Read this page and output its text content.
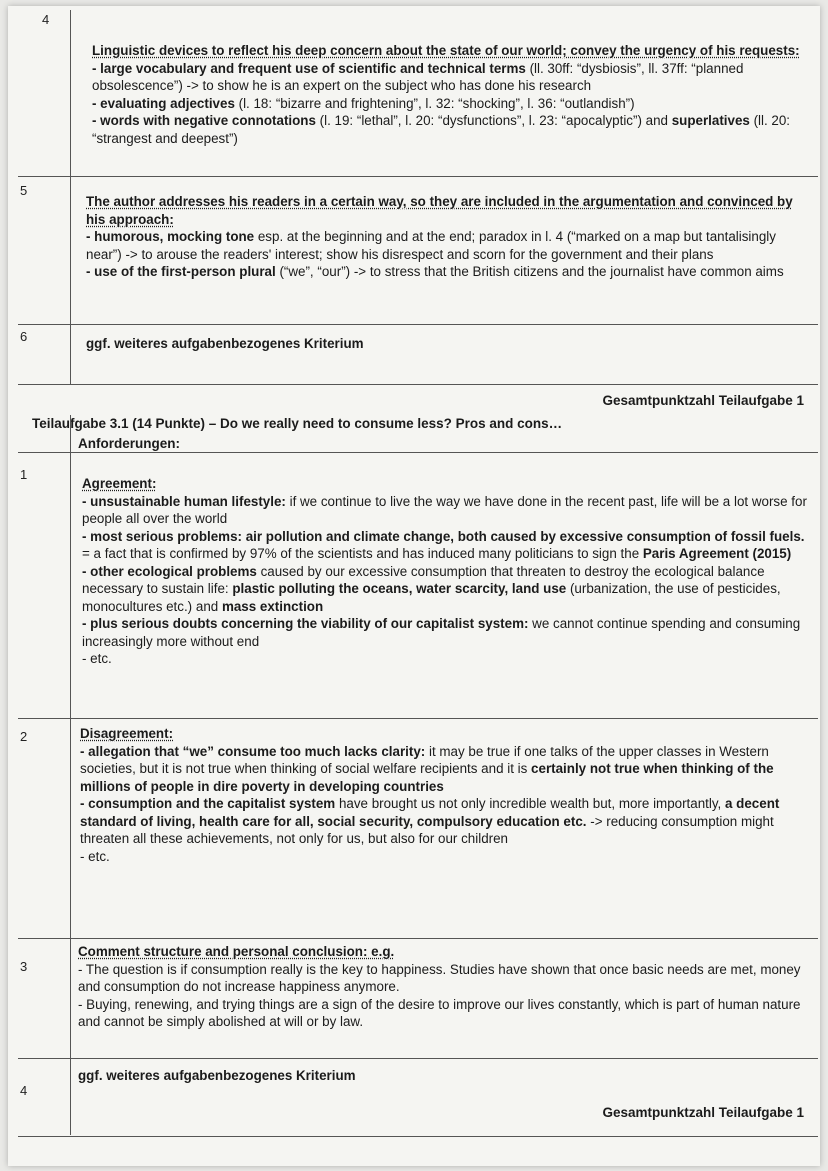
4

Linguistic devices to reflect his deep concern about the state of our world; convey the urgency of his requests:

- large vocabulary and frequent use of scientific and technical terms (ll. 30ff: “dysbiosis”, ll. 37ff: “planned obsolescence”) -> to show he is an expert on the subject who has done his research

- evaluating adjectives (l. 18: “bizarre and frightening”, l. 32: “shocking”, l. 36: “outlandish”)

- words with negative connotations (l. 19: “lethal”, l. 20: “dysfunctions”, l. 23: “apocalyptic”) and superlatives (ll. 20: “strangest and deepest”)

5

The author addresses his readers in a certain way, so they are included in the argumentation and convinced by his approach:

- humorous, mocking tone esp. at the beginning and at the end; paradox in l. 4 (“marked on a map but tantalisingly near”) -> to arouse the readers' interest; show his disrespect and scorn for the government and their plans

- use of the first-person plural (“we”, “our”) -> to stress that the British citizens and the journalist have common aims

6	ggf. weiteres aufgabenbezogenes Kriterium

Gesamtpunktzahl Teilaufgabe 1
Teilaufgabe 3.1 (14 Punkte) – Do we really need to consume less? Pros and cons…
Anforderungen:
1

Agreement:

- unsustainable human lifestyle: if we continue to live the way we have done in the recent past, life will be a lot worse for people all over the world

- most serious problems: air pollution and climate change, both caused by excessive consumption of fossil fuels. = a fact that is confirmed by 97% of the scientists and has induced many politicians to sign the Paris Agreement (2015)

- other ecological problems caused by our excessive consumption that threaten to destroy the ecological balance necessary to sustain life: plastic polluting the oceans, water scarcity, land use (urbanization, the use of pesticides, monocultures etc.) and mass extinction

- plus serious doubts concerning the viability of our capitalist system: we cannot continue spending and consuming increasingly more without end

- etc.

2	Disagreement:

- allegation that “we” consume too much lacks clarity: it may be true if one talks of the upper classes in Western societies, but it is not true when thinking of social welfare recipients and it is certainly not true when thinking of the millions of people in dire poverty in developing countries

- consumption and the capitalist system have brought us not only incredible wealth but, more importantly, a decent standard of living, health care for all, social security, compulsory education etc. -> reducing consumption might threaten all these achievements, not only for us, but also for our children

- etc.

3

Comment structure and personal conclusion: e.g.

- The question is if consumption really is the key to happiness. Studies have shown that once basic needs are met, money and consumption do not increase happiness anymore.

- Buying, renewing, and trying things are a sign of the desire to improve our lives constantly, which is part of human nature and cannot be simply abolished at will or by law.

4

ggf. weiteres aufgabenbezogenes Kriterium

Gesamtpunktzahl Teilaufgabe 1
